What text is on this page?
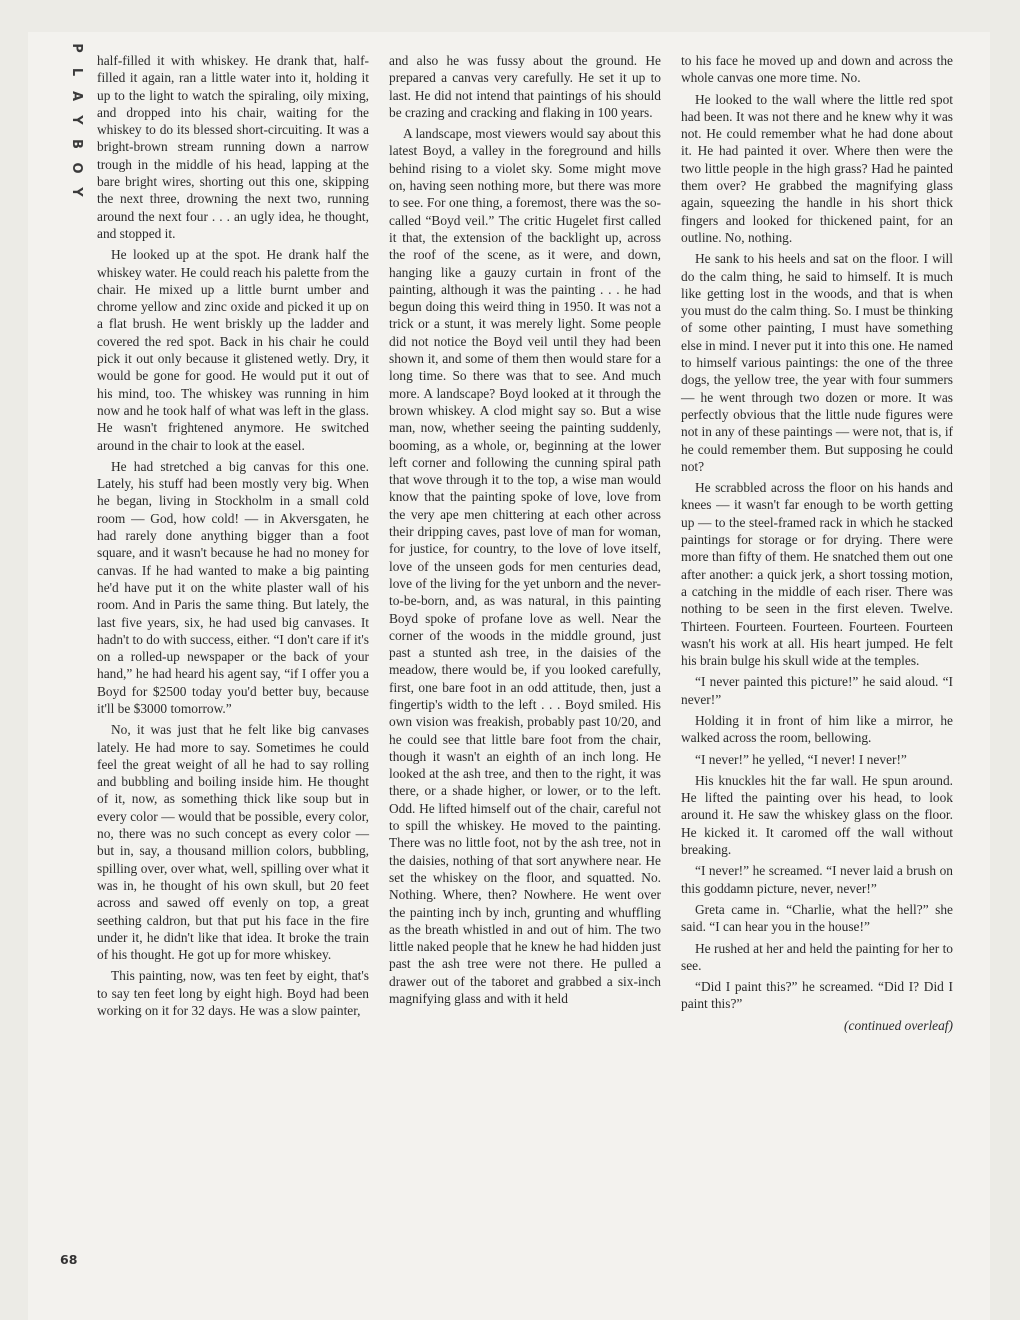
P
L
A
Y
B
O
Y

half-filled it with whiskey. He drank that, half-filled it again, ran a little water into it, holding it up to the light to watch the spiraling, oily mixing, and dropped into his chair, waiting for the whiskey to do its blessed short-circuiting. It was a bright-brown stream running down a narrow trough in the middle of his head, lapping at the bare bright wires, shorting out this one, skipping the next three, drowning the next two, running around the next four . . . an ugly idea, he thought, and stopped it.

He looked up at the spot. He drank half the whiskey water. He could reach his palette from the chair. He mixed up a little burnt umber and chrome yellow and zinc oxide and picked it up on a flat brush. He went briskly up the ladder and covered the red spot. Back in his chair he could pick it out only because it glistened wetly. Dry, it would be gone for good. He would put it out of his mind, too. The whiskey was running in him now and he took half of what was left in the glass. He wasn't frightened anymore. He switched around in the chair to look at the easel.

He had stretched a big canvas for this one. Lately, his stuff had been mostly very big. When he began, living in Stockholm in a small cold room — God, how cold! — in Akversgaten, he had rarely done anything bigger than a foot square, and it wasn't because he had no money for canvas. If he had wanted to make a big painting he'd have put it on the white plaster wall of his room. And in Paris the same thing. But lately, the last five years, six, he had used big canvases. It hadn't to do with success, either. “I don't care if it's on a rolled-up newspaper or the back of your hand,” he had heard his agent say, “if I offer you a Boyd for $2500 today you'd better buy, because it'll be $3000 tomorrow.”

No, it was just that he felt like big canvases lately. He had more to say. Sometimes he could feel the great weight of all he had to say rolling and bubbling and boiling inside him. He thought of it, now, as something thick like soup but in every color — would that be possible, every color, no, there was no such concept as every color — but in, say, a thousand million colors, bubbling, spilling over, over what, well, spilling over what it was in, he thought of his own skull, but 20 feet across and sawed off evenly on top, a great seething caldron, but that put his face in the fire under it, he didn't like that idea. It broke the train of his thought. He got up for more whiskey.

This painting, now, was ten feet by eight, that's to say ten feet long by eight high. Boyd had been working on it for 32 days. He was a slow painter,

and also he was fussy about the ground. He prepared a canvas very carefully. He set it up to last. He did not intend that paintings of his should be crazing and cracking and flaking in 100 years.

A landscape, most viewers would say about this latest Boyd, a valley in the foreground and hills behind rising to a violet sky. Some might move on, having seen nothing more, but there was more to see. For one thing, a foremost, there was the so-called “Boyd veil.” The critic Hugelet first called it that, the extension of the backlight up, across the roof of the scene, as it were, and down, hanging like a gauzy curtain in front of the painting, although it was the painting . . . he had begun doing this weird thing in 1950. It was not a trick or a stunt, it was merely light. Some people did not notice the Boyd veil until they had been shown it, and some of them then would stare for a long time. So there was that to see. And much more. A landscape? Boyd looked at it through the brown whiskey. A clod might say so. But a wise man, now, whether seeing the painting suddenly, booming, as a whole, or, beginning at the lower left corner and following the cunning spiral path that wove through it to the top, a wise man would know that the painting spoke of love, love from the very ape men chittering at each other across their dripping caves, past love of man for woman, for justice, for country, to the love of love itself, love of the unseen gods for men centuries dead, love of the living for the yet unborn and the never-to-be-born, and, as was natural, in this painting Boyd spoke of profane love as well. Near the corner of the woods in the middle ground, just past a stunted ash tree, in the daisies of the meadow, there would be, if you looked carefully, first, one bare foot in an odd attitude, then, just a fingertip's width to the left . . . Boyd smiled. His own vision was freakish, probably past 10/20, and he could see that little bare foot from the chair, though it wasn't an eighth of an inch long. He looked at the ash tree, and then to the right, it was there, or a shade higher, or lower, or to the left. Odd. He lifted himself out of the chair, careful not to spill the whiskey. He moved to the painting. There was no little foot, not by the ash tree, not in the daisies, nothing of that sort anywhere near. He set the whiskey on the floor, and squatted. No. Nothing. Where, then? Nowhere. He went over the painting inch by inch, grunting and whuffling as the breath whistled in and out of him. The two little naked people that he knew he had hidden just past the ash tree were not there. He pulled a drawer out of the taboret and grabbed a six-inch magnifying glass and with it held

to his face he moved up and down and across the whole canvas one more time. No.

He looked to the wall where the little red spot had been. It was not there and he knew why it was not. He could remember what he had done about it. He had painted it over. Where then were the two little people in the high grass? Had he painted them over? He grabbed the magnifying glass again, squeezing the handle in his short thick fingers and looked for thickened paint, for an outline. No, nothing.

He sank to his heels and sat on the floor. I will do the calm thing, he said to himself. It is much like getting lost in the woods, and that is when you must do the calm thing. So. I must be thinking of some other painting, I must have something else in mind. I never put it into this one. He named to himself various paintings: the one of the three dogs, the yellow tree, the year with four summers — he went through two dozen or more. It was perfectly obvious that the little nude figures were not in any of these paintings — were not, that is, if he could remember them. But supposing he could not?

He scrabbled across the floor on his hands and knees — it wasn't far enough to be worth getting up — to the steel-framed rack in which he stacked paintings for storage or for drying. There were more than fifty of them. He snatched them out one after another: a quick jerk, a short tossing motion, a catching in the middle of each riser. There was nothing to be seen in the first eleven. Twelve. Thirteen. Fourteen. Fourteen. Fourteen. Fourteen wasn't his work at all. His heart jumped. He felt his brain bulge his skull wide at the temples.

“I never painted this picture!” he said aloud. “I never!”

Holding it in front of him like a mirror, he walked across the room, bellowing.

“I never!” he yelled, “I never! I never!”

His knuckles hit the far wall. He spun around. He lifted the painting over his head, to look around it. He saw the whiskey glass on the floor. He kicked it. It caromed off the wall without breaking.

“I never!” he screamed. “I never laid a brush on this goddamn picture, never, never!”

Greta came in. “Charlie, what the hell?” she said. “I can hear you in the house!”

He rushed at her and held the painting for her to see.

“Did I paint this?” he screamed. “Did I? Did I paint this?”

(continued overleaf)
68
